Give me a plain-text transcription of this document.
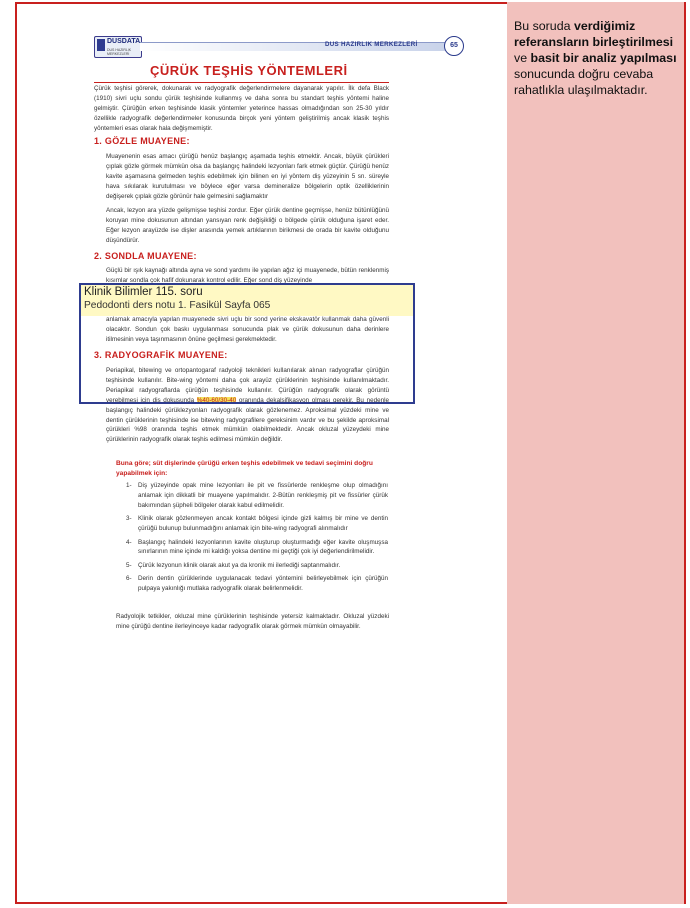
Bu soruda verdiğimiz referansların birleştirilmesi ve basit bir analiz yapılması sonucunda doğru cevaba rahatlıkla ulaşılmaktadır.
DUSDATA
DUS HAZIRLIK MERKEZLERİ
DUS HAZIRLIK MERKEZLERİ	65
ÇÜRÜK TEŞHİS YÖNTEMLERİ
Çürük teşhisi görerek, dokunarak ve radyografik değerlendirmelere dayanarak yapılır. İlk defa Black (1910) sivri uçlu sondu çürük teşhisinde kullanmış ve daha sonra bu standart teşhis yöntemi haline gelmiştir. Çürüğün erken teşhisinde klasik yöntemler yeterince hassas olmadığından son 25-30 yıldır özellikle radyografik değerlendirmeler konusunda birçok yeni yöntem geliştirilmiş ancak klasik teşhis yöntemleri esas olarak hala değişmemiştir.
1. GÖZLE MUAYENE:
Muayenenin esas amacı çürüğü henüz başlangıç aşamada teşhis etmektir. Ancak, büyük çürükleri çıplak gözle görmek mümkün olsa da başlangıç halindeki lezyonları fark etmek güçtür. Çürüğü henüz kavite aşamasına gelmeden teşhis edebilmek için bilinen en iyi yöntem diş yüzeyinin 5 sn. süreyle hava sıkılarak kurutulması ve böylece eğer varsa demineralize bölgelerin optik özelliklerinin değişerek çıplak gözle görünür hale gelmesini sağlamaktır
Ancak, lezyon ara yüzde gelişmişse teşhisi zordur. Eğer çürük dentine geçmişse, henüz bütünlüğünü koruyan mine dokusunun altından yansıyan renk değişikliği o bölgede çürük olduğuna işaret eder. Eğer lezyon arayüzde ise dişler arasında yemek artıklarının birikmesi de orada bir kavite olduğunu düşündürür.
2. SONDLA MUAYENE:
Güçlü bir ışık kaynağı altında ayna ve sond yardımı ile yapılan ağız içi muayenede, bütün renklenmiş kısımlar sondla çok hafif dokunarak kontrol edilir. Eğer sond diş yüzeyinde
anlamak amacıyla yapılan muayenede sivri uçlu bir sond yerine ekskavatör kullanmak daha güvenli olacaktır. Sondun çok baskı uygulanması sonucunda plak ve çürük dokusunun daha derinlere itilmesinin veya taşınmasının önüne geçilmesi gerekmektedir.
3. RADYOGRAFİK MUAYENE:
Periapikal, bitewing ve ortopantogaraf radyoloji teknikleri kullanılarak alınan radyograflar çürüğün teşhisinde kullanılır. Bite-wing yöntemi daha çok arayüz çürüklerinin teşhisinde kullanılmaktadır. Periapikal radyograflarda çürüğün teşhisinde kullanılır. Çürüğün radyografik olarak görüntü verebilmesi için diş dokusunda %40-60/30-40 oranında dekalsifikasyon olması gerekir. Bu nedenle başlangıç halindeki çürüklezyonları radyografik olarak gözlenemez. Aproksimal yüzdeki mine ve dentin çürüklerinin teşhisinde ise bitewing radyografilere gereksinim vardır ve bu şekilde aproksimal çürükleri %98 oranında teşhis etmek mümkün olabilmektedir. Ancak okluzal yüzeydeki mine çürüklerinin radyografik olarak teşhis edilmesi mümkün değildir.
Buna göre; süt dişlerinde çürüğü erken teşhis edebilmek ve tedavi seçimini doğru yapabilmek için:
1-	Diş yüzeyinde opak mine lezyonları ile pit ve fissürlerde renkleşme olup olmadığını anlamak için dikkatli bir muayene yapılmalıdır. 2-Bütün renkleşmiş pit ve fissürler çürük bakımından şüpheli bölgeler olarak kabul edilmelidir.
3-	Klinik olarak gözlenmeyen ancak kontakt bölgesi içinde gizli kalmış bir mine ve dentin çürüğü bulunup bulunmadığını anlamak için bite-wing radyografi alınmalıdır
4-	Başlangıç halindeki lezyonlarının kavite oluşturup oluşturmadığı eğer kavite oluşmuşsa sınırlarının mine içinde mi kaldığı yoksa dentine mi geçtiği çok iyi değerlendirilmelidir.
5-	Çürük lezyonun klinik olarak akut ya da kronik mi ilerlediği saptanmalıdır.
6-	Derin dentin çürüklerinde uygulanacak tedavi yöntemini belirleyebilmek için çürüğün pulpaya yakınlığı mutlaka radyografik olarak belirlenmelidir.
Radyolojik tetkikler, okluzal mine çürüklerinin teşhisinde yetersiz kalmaktadır. Okluzal yüzdeki mine çürüğü dentine ilerleyinceye kadar radyografik olarak görmek mümkün olmayabilir.
Klinik Bilimler 115. soru
Pedodonti ders notu 1. Fasikül Sayfa 065
